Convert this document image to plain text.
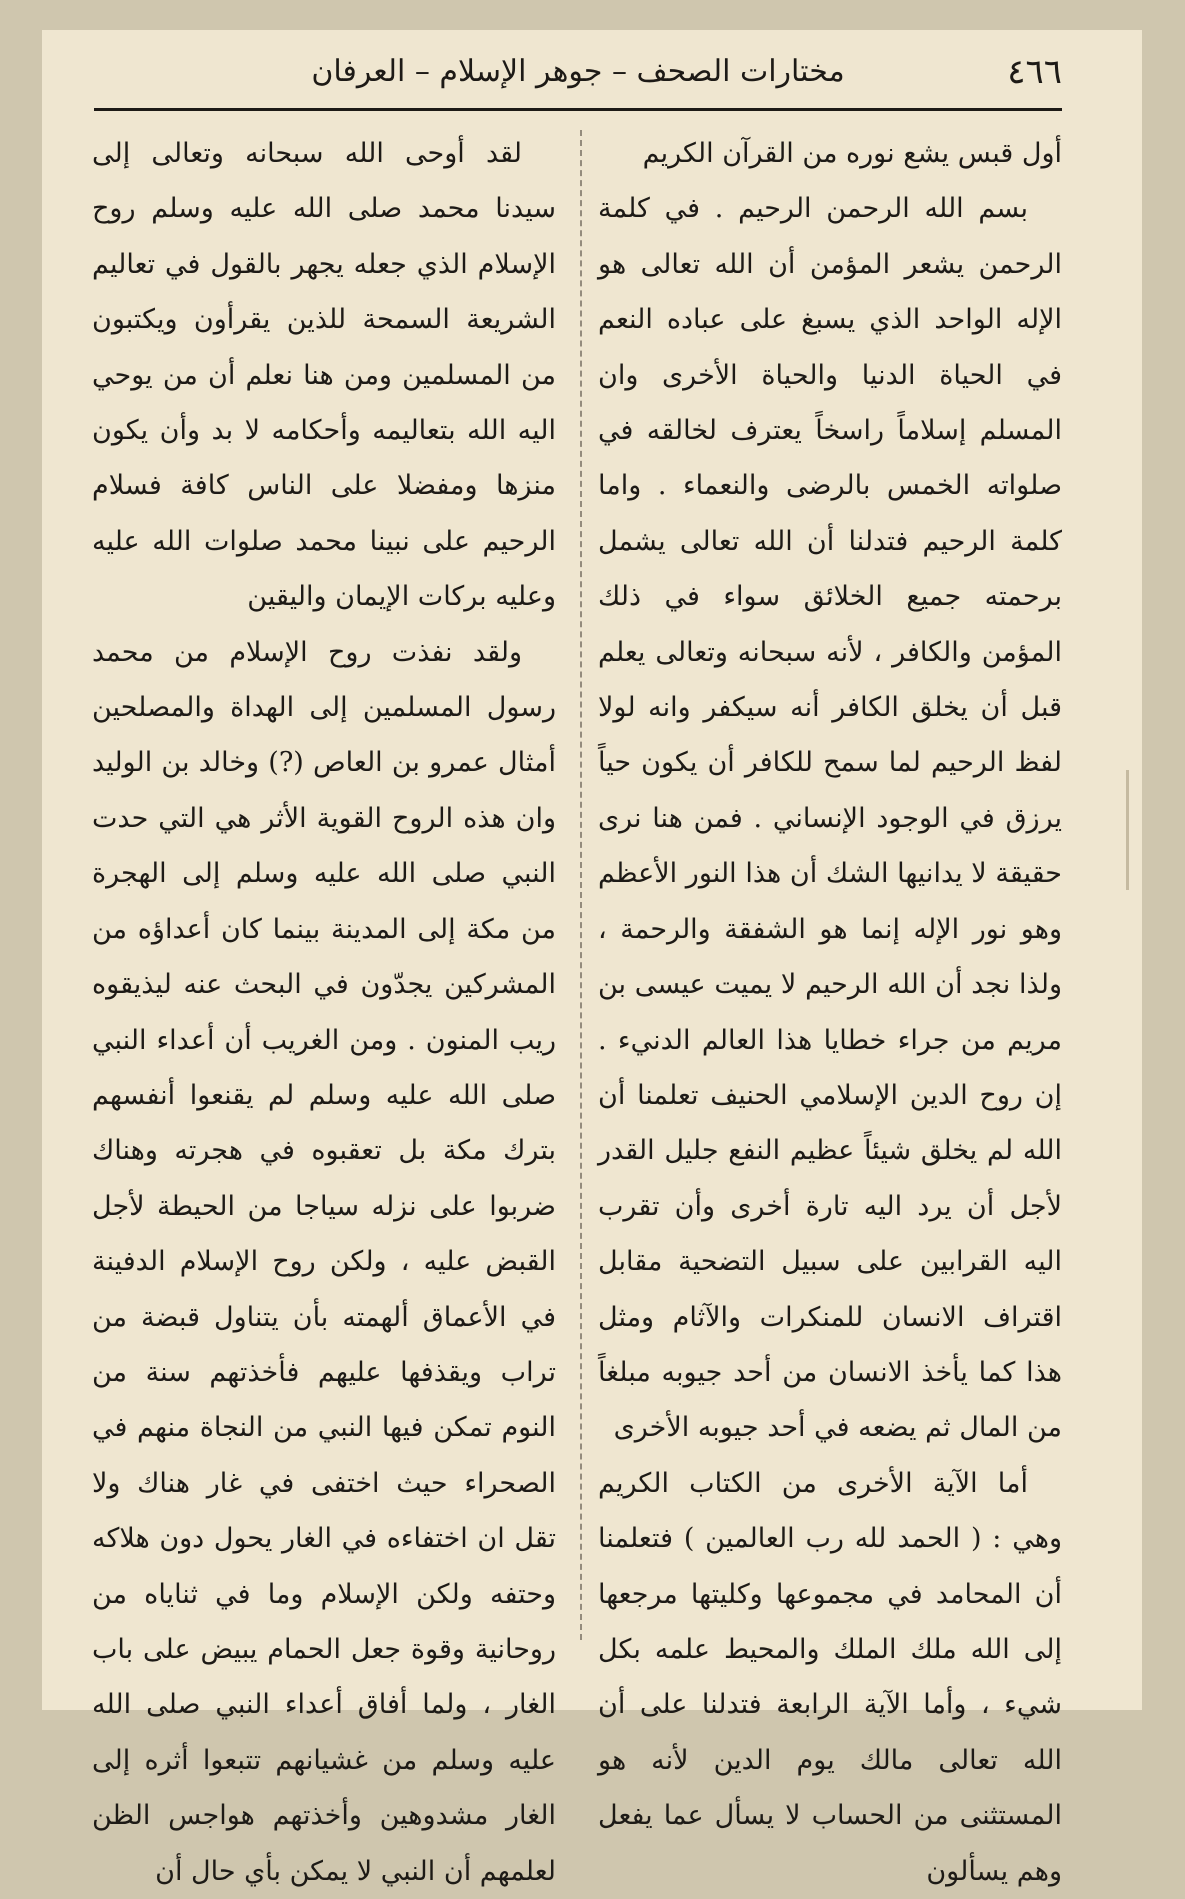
٤٦٦
مختارات الصحف – جوهر الإسلام – العرفان

أول قبس يشع نوره من القرآن الكريم

بسم الله الرحمن الرحيم . في كلمة الرحمن يشعر المؤمن أن الله تعالى هو الإله الواحد الذي يسبغ على عباده النعم في الحياة الدنيا والحياة الأخرى وان المسلم إسلاماً راسخاً يعترف لخالقه في صلواته الخمس بالرضى والنعماء . واما كلمة الرحيم فتدلنا أن الله تعالى يشمل برحمته جميع الخلائق سواء في ذلك المؤمن والكافر ، لأنه سبحانه وتعالى يعلم قبل أن يخلق الكافر أنه سيكفر وانه لولا لفظ الرحيم لما سمح للكافر أن يكون حياً يرزق في الوجود الإنساني . فمن هنا نرى حقيقة لا يدانيها الشك أن هذا النور الأعظم وهو نور الإله إنما هو الشفقة والرحمة ، ولذا نجد أن الله الرحيم لا يميت عيسى بن مريم من جراء خطايا هذا العالم الدنيء . إن روح الدين الإسلامي الحنيف تعلمنا أن الله لم يخلق شيئاً عظيم النفع جليل القدر لأجل أن يرد اليه تارة أخرى وأن تقرب اليه القرابين على سبيل التضحية مقابل اقتراف الانسان للمنكرات والآثام ومثل هذا كما يأخذ الانسان من أحد جيوبه مبلغاً من المال ثم يضعه في أحد جيوبه الأخرى

أما الآية الأخرى من الكتاب الكريم وهي : ( الحمد لله رب العالمين ) فتعلمنا أن المحامد في مجموعها وكليتها مرجعها إلى الله ملك الملك والمحيط علمه بكل شيء ، وأما الآية الرابعة فتدلنا على أن الله تعالى مالك يوم الدين لأنه هو المستثنى من الحساب لا يسأل عما يفعل وهم يسألون

لقد أوحى الله سبحانه وتعالى إلى سيدنا محمد صلى الله عليه وسلم روح الإسلام الذي جعله يجهر بالقول في تعاليم الشريعة السمحة للذين يقرأون ويكتبون من المسلمين ومن هنا نعلم أن من يوحي اليه الله بتعاليمه وأحكامه لا بد وأن يكون منزها ومفضلا على الناس كافة فسلام الرحيم على نبينا محمد صلوات الله عليه وعليه بركات الإيمان واليقين

ولقد نفذت روح الإسلام من محمد رسول المسلمين إلى الهداة والمصلحين أمثال عمرو بن العاص (?) وخالد بن الوليد وان هذه الروح القوية الأثر هي التي حدت النبي صلى الله عليه وسلم إلى الهجرة من مكة إلى المدينة بينما كان أعداؤه من المشركين يجدّون في البحث عنه ليذيقوه ريب المنون . ومن الغريب أن أعداء النبي صلى الله عليه وسلم لم يقنعوا أنفسهم بترك مكة بل تعقبوه في هجرته وهناك ضربوا على نزله سياجا من الحيطة لأجل القبض عليه ، ولكن روح الإسلام الدفينة في الأعماق ألهمته بأن يتناول قبضة من تراب ويقذفها عليهم فأخذتهم سنة من النوم تمكن فيها النبي من النجاة منهم في الصحراء حيث اختفى في غار هناك ولا تقل ان اختفاءه في الغار يحول دون هلاكه وحتفه ولكن الإسلام وما في ثناياه من روحانية وقوة جعل الحمام يبيض على باب الغار ، ولما أفاق أعداء النبي صلى الله عليه وسلم من غشيانهم تتبعوا أثره إلى الغار مشدوهين وأخذتهم هواجس الظن لعلمهم أن النبي لا يمكن بأي حال أن
